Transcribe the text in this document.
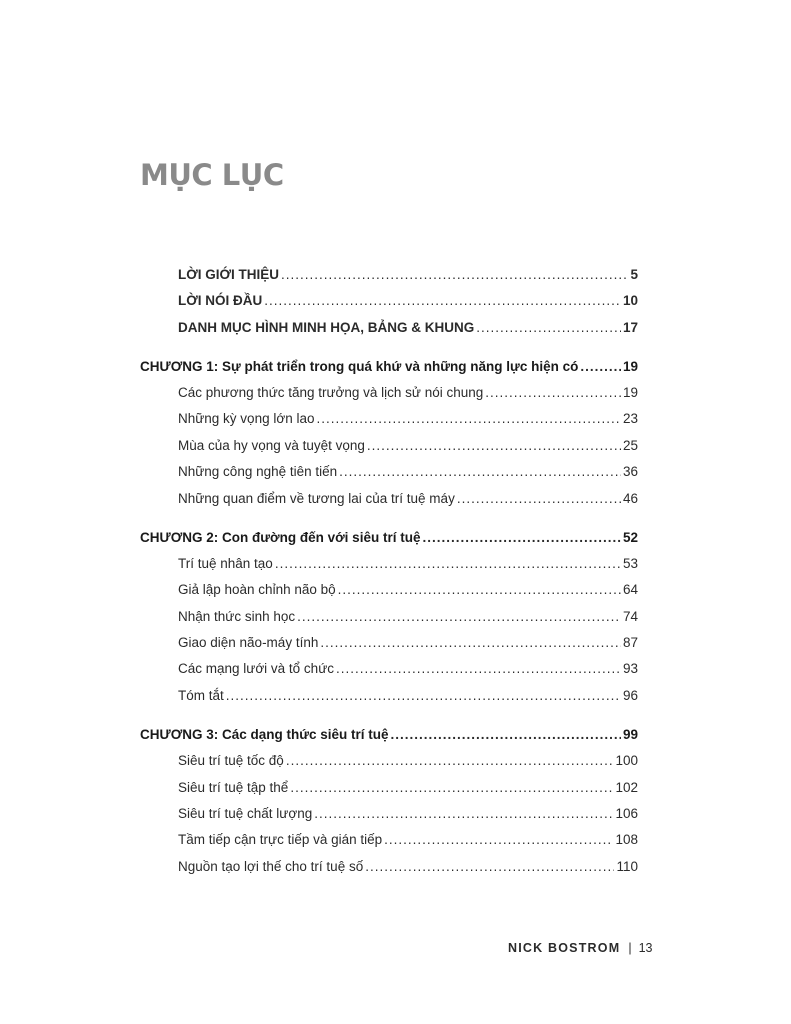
MỤC LỤC
LỜI GIỚI THIỆU .....	5
LỜI NÓI ĐẦU .....	10
DANH MỤC HÌNH MINH HỌA, BẢNG & KHUNG .....	17
CHƯƠNG 1: Sự phát triển trong quá khứ và những năng lực hiện có .....	19
Các phương thức tăng trưởng và lịch sử nói chung .....	19
Những kỳ vọng lớn lao .....	23
Mùa của hy vọng và tuyệt vọng .....	25
Những công nghệ tiên tiến .....	36
Những quan điểm về tương lai của trí tuệ máy .....	46
CHƯƠNG 2: Con đường đến với siêu trí tuệ .....	52
Trí tuệ nhân tạo .....	53
Giả lập hoàn chỉnh não bộ .....	64
Nhận thức sinh học .....	74
Giao diện não-máy tính .....	87
Các mạng lưới và tổ chức .....	93
Tóm tắt .....	96
CHƯƠNG 3: Các dạng thức siêu trí tuệ .....	99
Siêu trí tuệ tốc độ .....	100
Siêu trí tuệ tập thể .....	102
Siêu trí tuệ chất lượng .....	106
Tầm tiếp cận trực tiếp và gián tiếp .....	108
Nguồn tạo lợi thế cho trí tuệ số .....	110
NICK BOSTROM | 13
